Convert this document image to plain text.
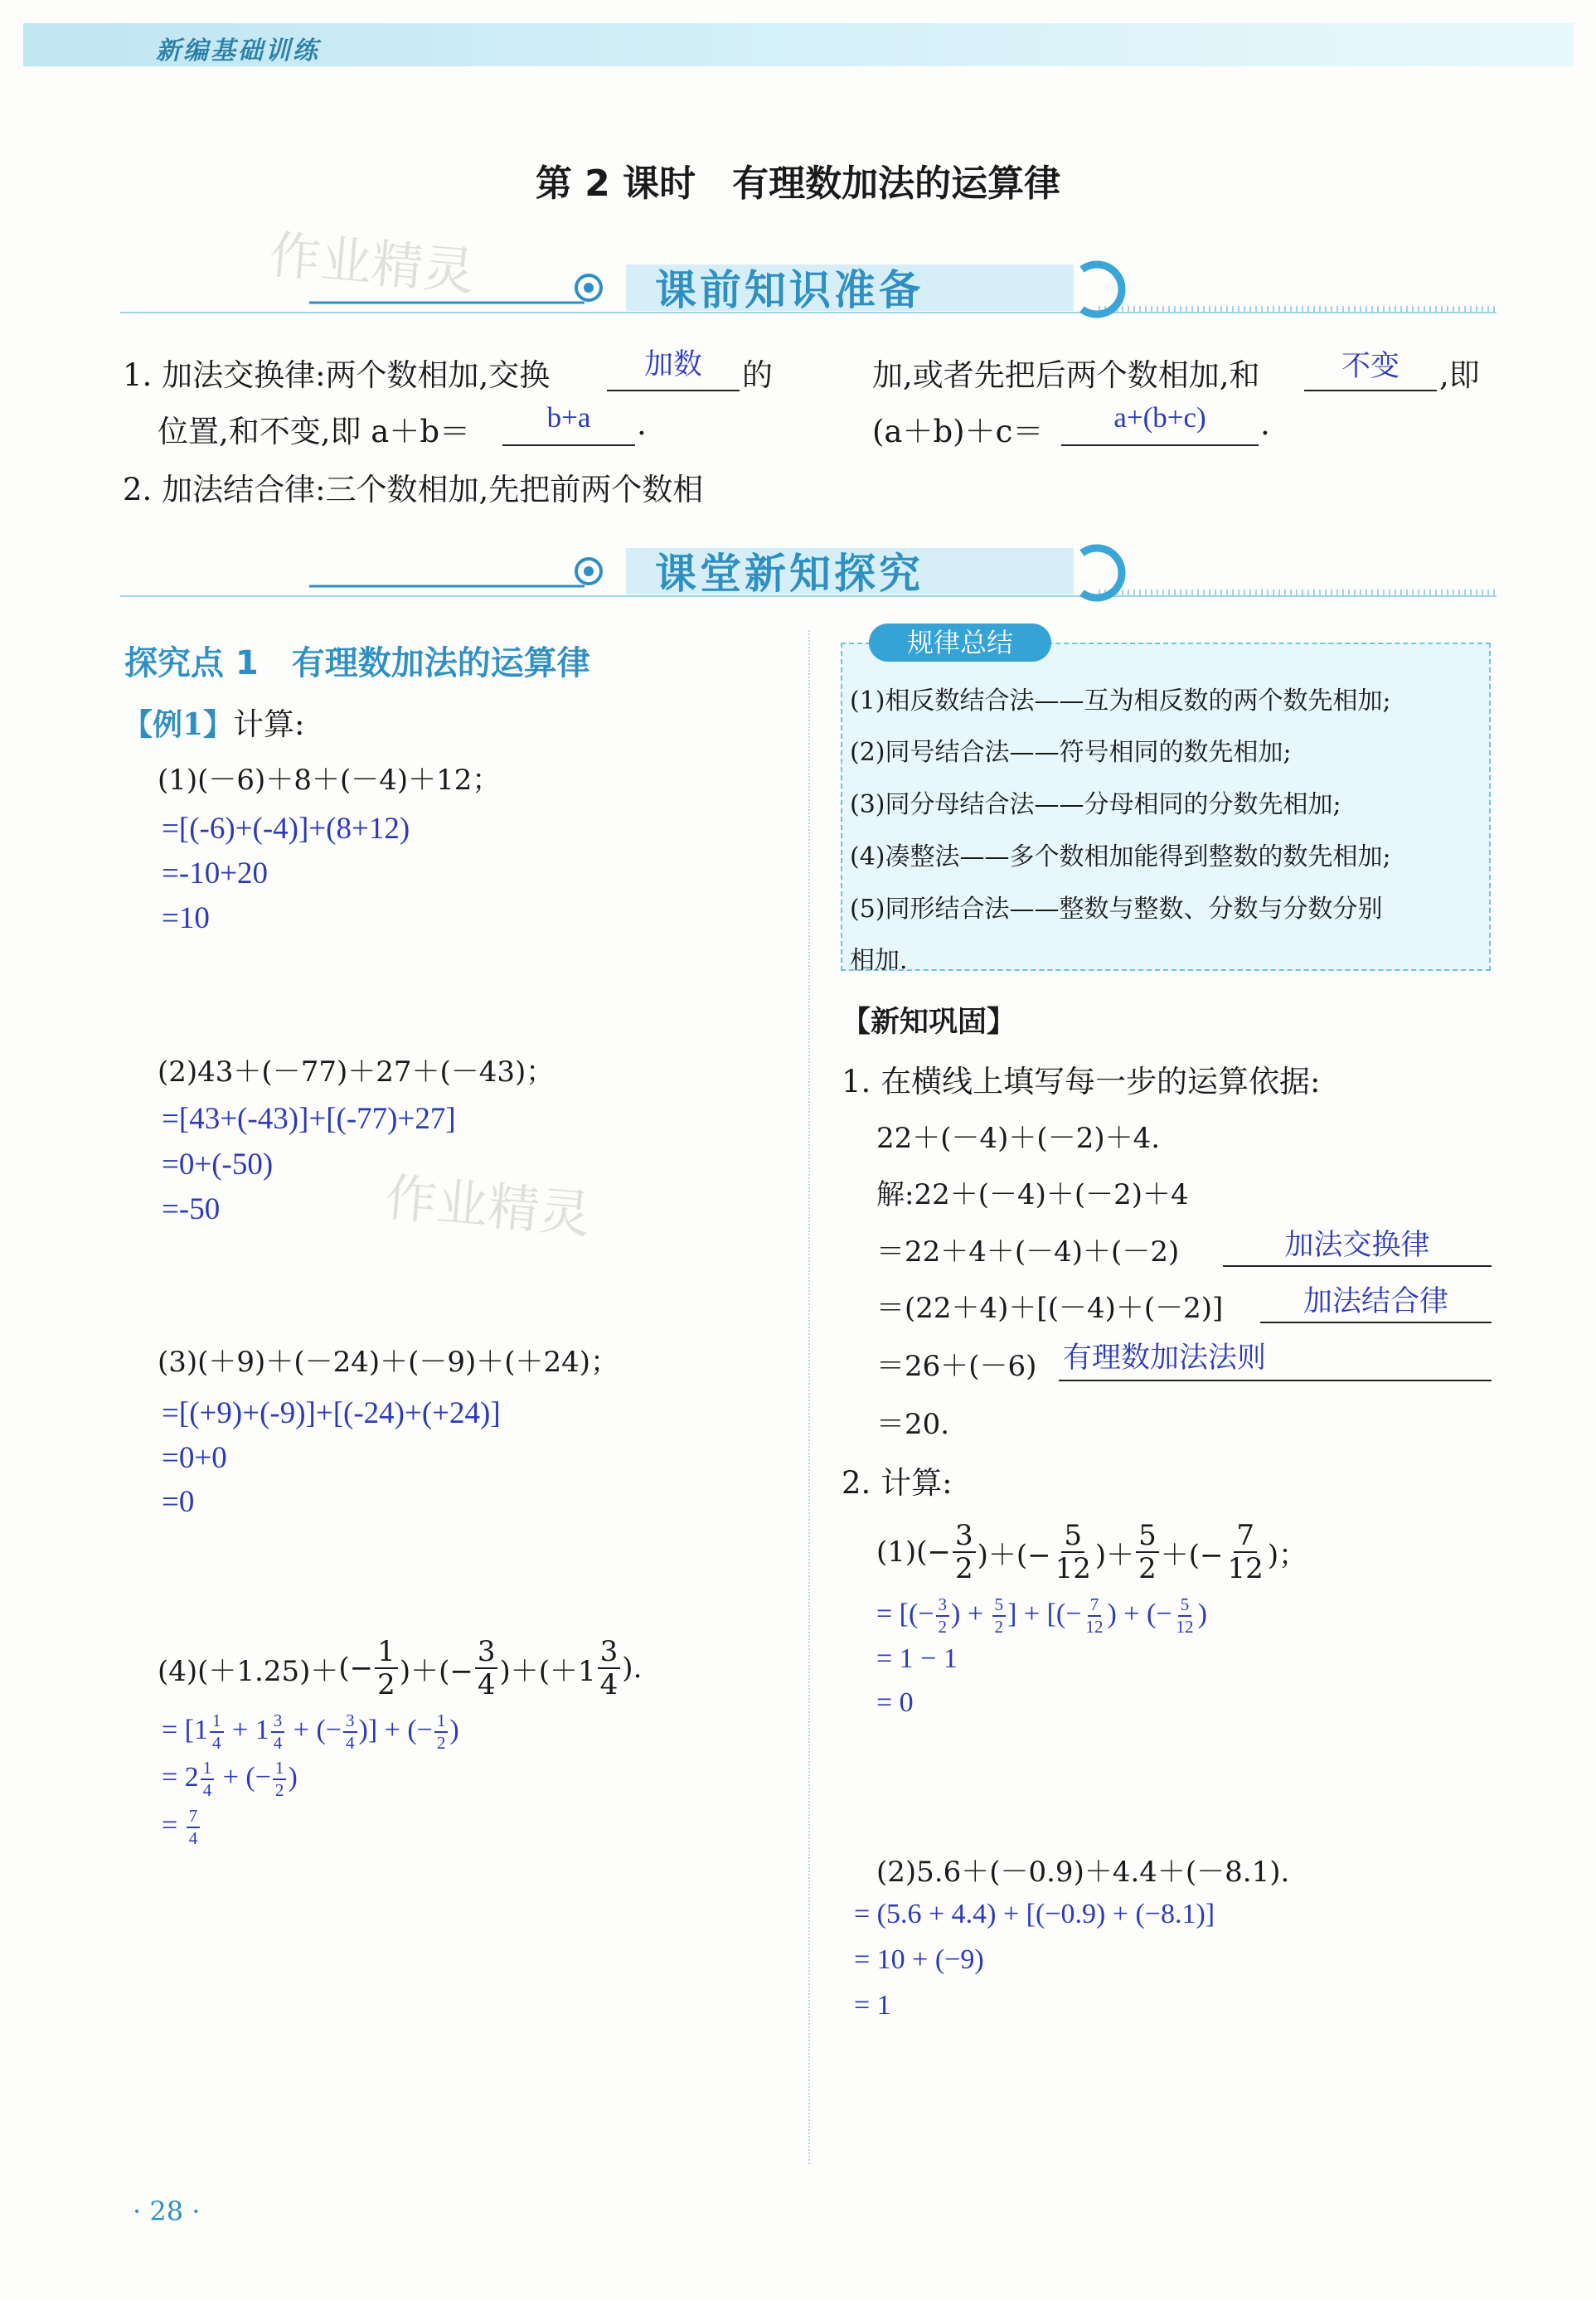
新编基础训练
第 2 课时　有理数加法的运算律
作业精灵
作业精灵
课前知识准备
1. 加法交换律:两个数相加,交换	加数	的
位置,和不变,即 a＋b＝	b+a	.
2. 加法结合律:三个数相加,先把前两个数相
加,或者先把后两个数相加,和	不变	,即
(a＋b)＋c＝	a+(b+c)	.
课堂新知探究
探究点 1　有理数加法的运算律
【例1】计算:
(1)(－6)＋8＋(－4)＋12；
=[(-6)+(-4)]+(8+12)
=-10+20
=10
(2)43＋(－77)＋27＋(－43)；
=[43+(-43)]+[(-77)+27]
=0+(-50)
=-50
(3)(＋9)＋(－24)＋(－9)＋(＋24)；
=[(+9)+(-9)]+[(-24)+(+24)]
=0+0
=0
(4)(＋1.25)＋ (− $\frac{1}{2}$ )＋(− $\frac{3}{4} )+(+1 \frac{3}{4}$ ) .
= [$1 \frac{1}{4} + 1 \frac{3}{4}$ + (− $\frac{3}{4}$ )] + (− $\frac{1}{2}$ )
= $2 \frac{1}{4}$ + (− $\frac{1}{2}$ )
= $\frac{7}{4}$
规律总结
(1)相反数结合法——互为相反数的两个数先相加;
(2)同号结合法——符号相同的数先相加;
(3)同分母结合法——分母相同的分数先相加;
(4)凑整法——多个数相加能得到整数的数先相加;
(5)同形结合法——整数与整数、分数与分数分别
相加.
【新知巩固】
1. 在横线上填写每一步的运算依据:
22＋(－4)＋(－2)＋4.
解:22＋(－4)＋(－2)＋4
＝22＋4＋(－4)＋(－2)	加法交换律
＝(22＋4)＋[(－4)＋(－2)]	加法结合律
＝26＋(－6) 有理数加法法则
＝20.
2. 计算:
(1) (− $\frac{3}{2}$ )＋(− $\frac{5}{12}$ )＋ $\frac{5}{2}$ ＋(− $\frac{7}{12}$ )；
= [(− $\frac{3}{2}$ ) + $\frac{5}{2}$ ] + [(− $\frac{7}{12}$ ) + (− $\frac{5}{12}$ )
= 1 − 1
= 0
(2)5.6＋(－0.9)＋4.4＋(－8.1).
= (5.6 + 4.4) + [(−0.9) + (−8.1)]
= 10 + (−9)
= 1
· 28 ·
